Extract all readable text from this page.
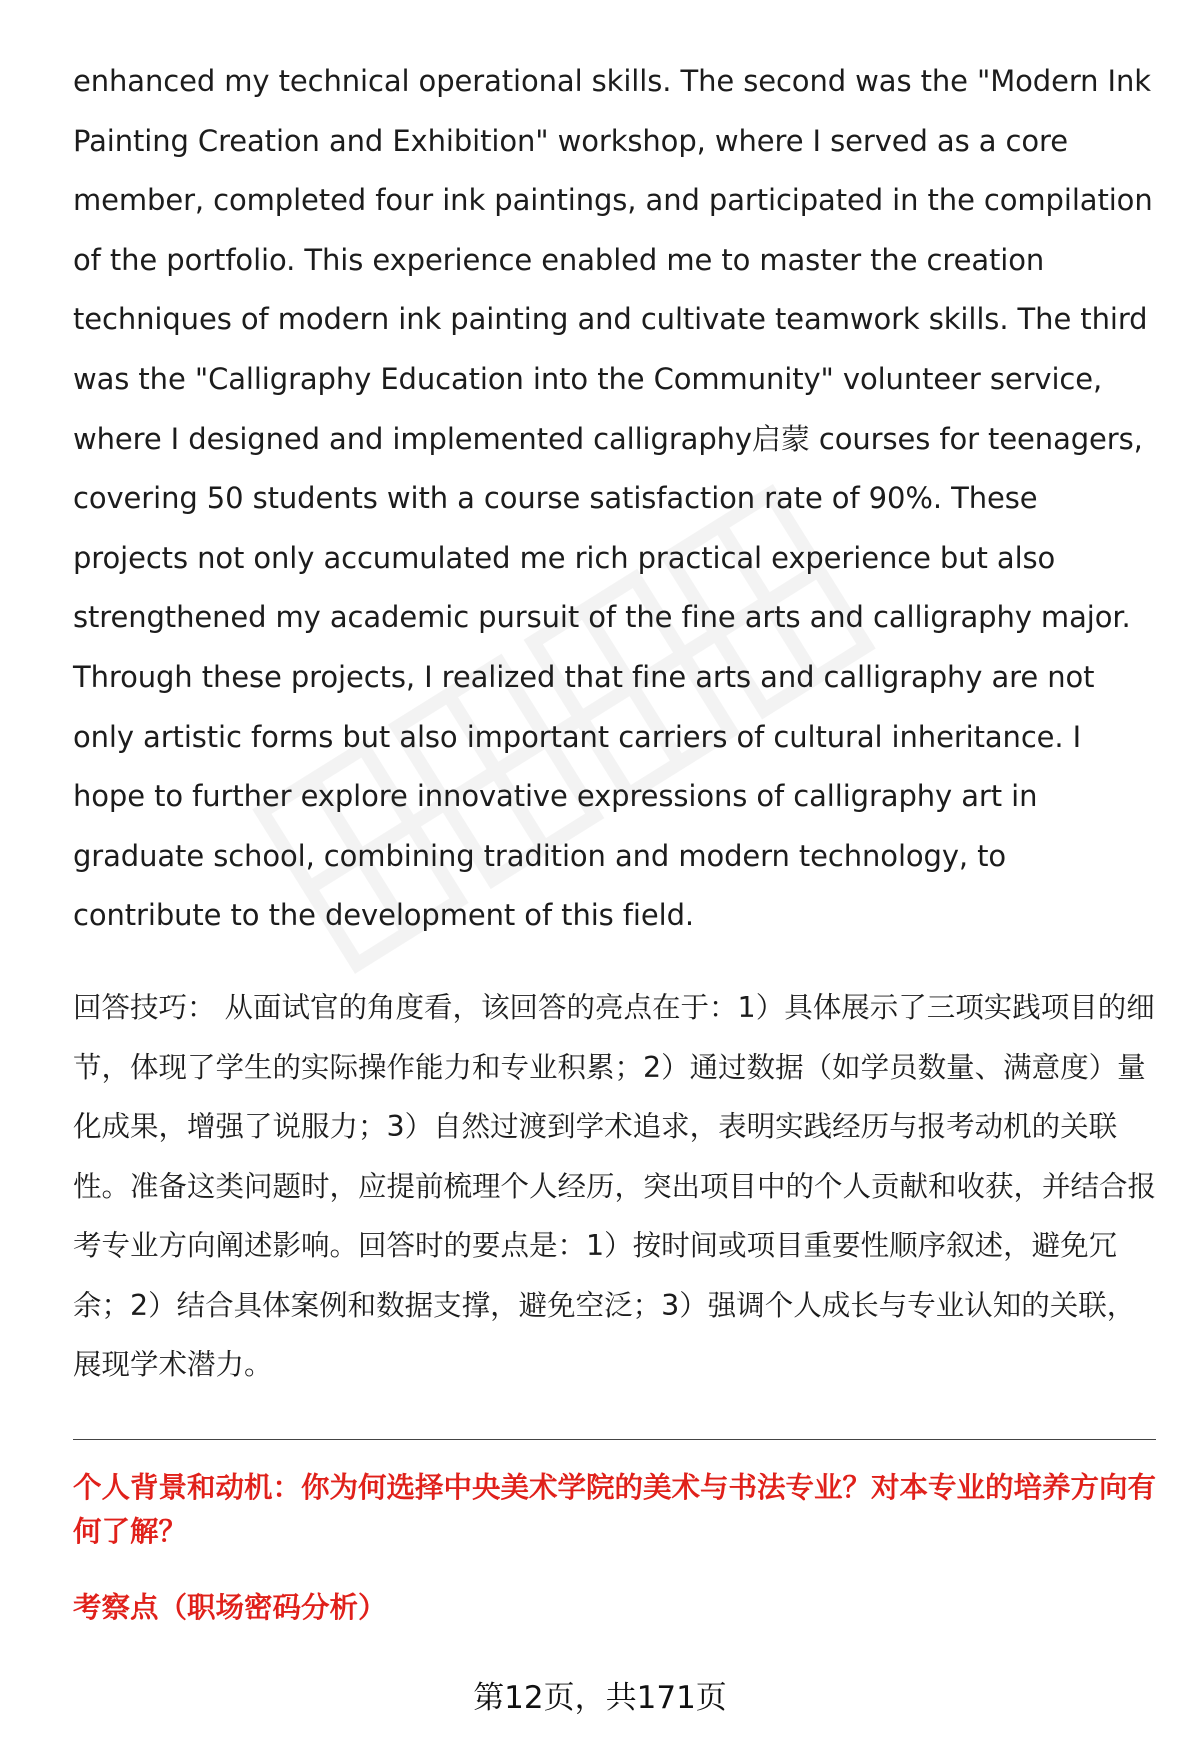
enhanced my technical operational skills. The second was the "Modern Ink Painting Creation and Exhibition" workshop, where I served as a core member, completed four ink paintings, and participated in the compilation of the portfolio. This experience enabled me to master the creation techniques of modern ink painting and cultivate teamwork skills. The third was the "Calligraphy Education into the Community" volunteer service, where I designed and implemented calligraphy启蒙 courses for teenagers, covering 50 students with a course satisfaction rate of 90%. These projects not only accumulated me rich practical experience but also strengthened my academic pursuit of the fine arts and calligraphy major. Through these projects, I realized that fine arts and calligraphy are not only artistic forms but also important carriers of cultural inheritance. I hope to further explore innovative expressions of calligraphy art in graduate school, combining tradition and modern technology, to contribute to the development of this field.

回答技巧： 从面试官的角度看，该回答的亮点在于：1）具体展示了三项实践项目的细节，体现了学生的实际操作能力和专业积累；2）通过数据（如学员数量、满意度）量化成果，增强了说服力；3）自然过渡到学术追求，表明实践经历与报考动机的关联性。准备这类问题时，应提前梳理个人经历，突出项目中的个人贡献和收获，并结合报考专业方向阐述影响。回答时的要点是：1）按时间或项目重要性顺序叙述，避免冗余；2）结合具体案例和数据支撑，避免空泛；3）强调个人成长与专业认知的关联，展现学术潜力。

个人背景和动机：你为何选择中央美术学院的美术与书法专业？对本专业的培养方向有何了解？

考察点（职场密码分析）

第12页，共171页
